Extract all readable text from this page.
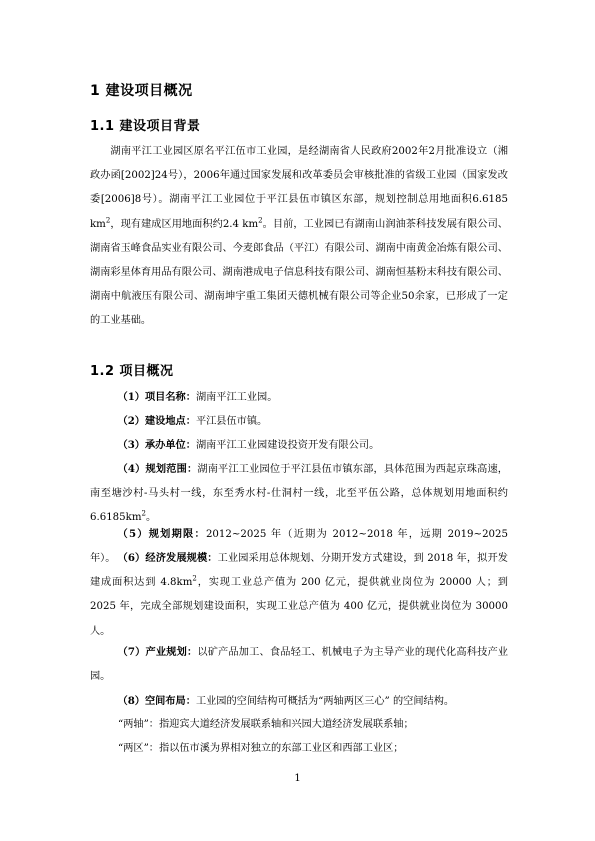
1 建设项目概况
1.1 建设项目背景
湖南平江工业园区原名平江伍市工业园，是经湖南省人民政府2002年2月批准设立（湘政办函[2002]24号），2006年通过国家发展和改革委员会审核批准的省级工业园（国家发改委[2006]8号）。湖南平江工业园位于平江县伍市镇区东部，规划控制总用地面积6.6185 $km^2$，现有建成区用地面积约2.4 $km^2$。目前，工业园已有湖南山润油茶科技发展有限公司、湖南省玉峰食品实业有限公司、今麦郎食品（平江）有限公司、湖南中南黄金冶炼有限公司、湖南彩星体育用品有限公司、湖南港成电子信息科技有限公司、湖南恒基粉末科技有限公司、湖南中航液压有限公司、湖南坤宇重工集团天德机械有限公司等企业50余家，已形成了一定的工业基础。
1.2 项目概况
（1）项目名称：湖南平江工业园。
（2）建设地点：平江县伍市镇。
（3）承办单位：湖南平江工业园建设投资开发有限公司。
（4）规划范围：湖南平江工业园位于平江县伍市镇东部，具体范围为西起京珠高速，南至塘沙村-马头村一线，东至秀水村-仕洞村一线，北至平伍公路，总体规划用地面积约 $6.6185km^2$。
（5）规划期限：2012~2025 年（近期为 2012~2018 年，远期 2019~2025 年）。 （6）经济发展规模：工业园采用总体规划、分期开发方式建设，到 2018 年，拟开发建成面积达到 $4.8km^2$，实现工业总产值为 200 亿元，提供就业岗位为 20000 人；到 2025 年，完成全部规划建设面积，实现工业总产值为 400 亿元，提供就业岗位为 30000 人。
（7）产业规划：以矿产品加工、食品轻工、机械电子为主导产业的现代化高科技产业园。
（8）空间布局：工业园的空间结构可概括为“两轴两区三心” 的空间结构。
“两轴”：指迎宾大道经济发展联系轴和兴园大道经济发展联系轴；
“两区”：指以伍市溪为界相对独立的东部工业区和西部工业区；
1
